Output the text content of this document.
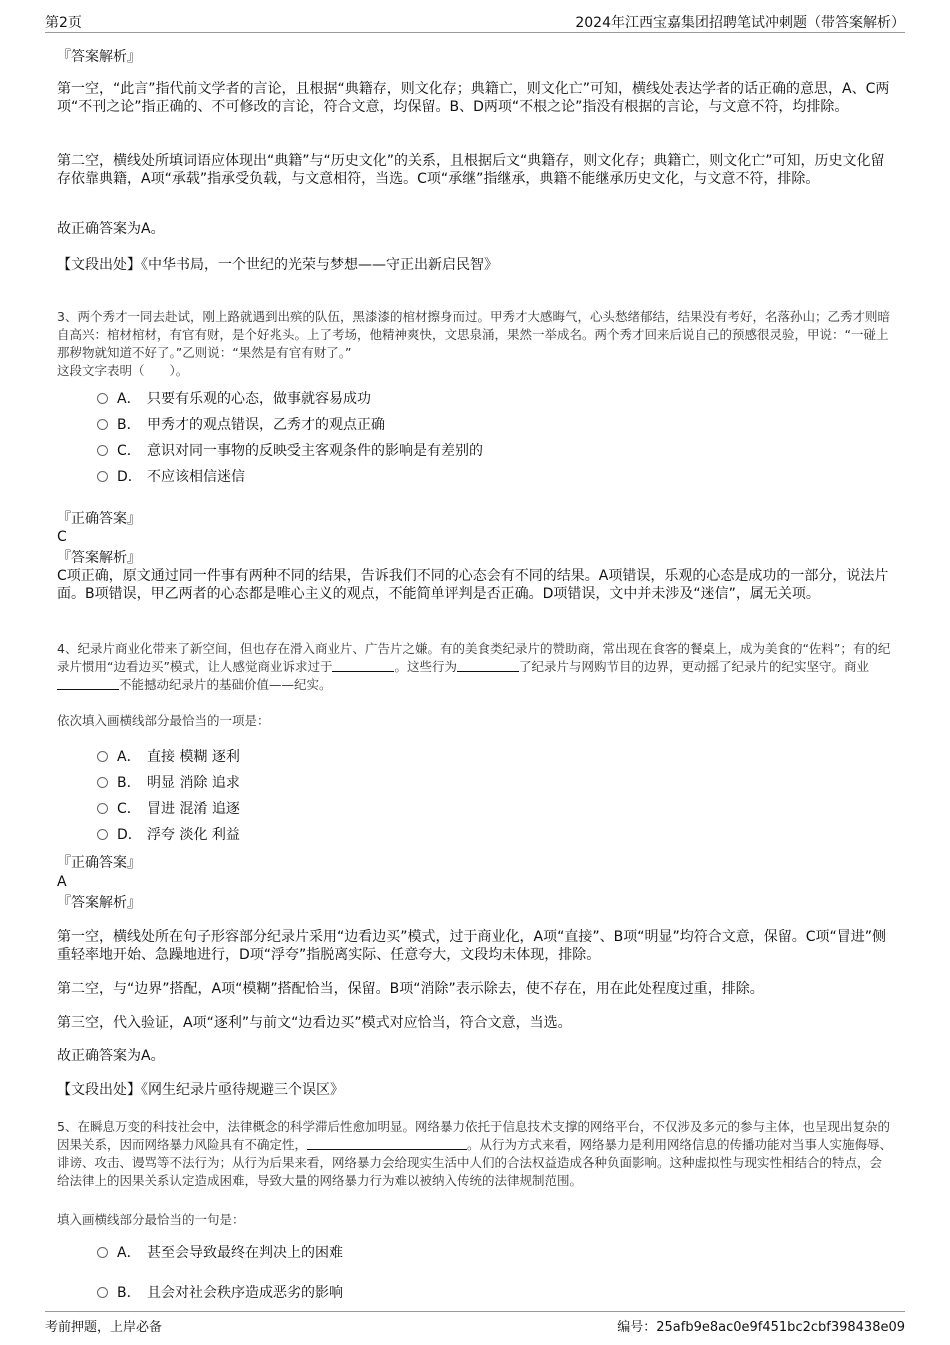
第2页	2024年江西宝嘉集团招聘笔试冲刺题（带答案解析）
『答案解析』
第一空，“此言”指代前文学者的言论，且根据“典籍存，则文化存；典籍亡，则文化亡”可知，横线处表达学者的话正确的意思，A、C两项“不刊之论”指正确的、不可修改的言论，符合文意，均保留。B、D两项“不根之论”指没有根据的言论，与文意不符，均排除。
第二空，横线处所填词语应体现出“典籍”与“历史文化”的关系，且根据后文“典籍存，则文化存；典籍亡，则文化亡”可知，历史文化留存依靠典籍，A项“承载”指承受负载，与文意相符，当选。C项“承继”指继承，典籍不能继承历史文化，与文意不符，排除。
故正确答案为A。
【文段出处】《中华书局，一个世纪的光荣与梦想——守正出新启民智》
3、两个秀才一同去赴试，刚上路就遇到出殡的队伍，黑漆漆的棺材擦身而过。甲秀才大感晦气，心头愁绪郁结，结果没有考好，名落孙山；乙秀才则暗自高兴：棺材棺材，有官有财，是个好兆头。上了考场，他精神爽快，文思泉涌，果然一举成名。两个秀才回来后说自己的预感很灵验，甲说：“一碰上那秽物就知道不好了。”乙则说：“果然是有官有财了。”
这段文字表明（　　）。
A． 只要有乐观的心态，做事就容易成功
B． 甲秀才的观点错误，乙秀才的观点正确
C． 意识对同一事物的反映受主客观条件的影响是有差别的
D． 不应该相信迷信
『正确答案』
C
『答案解析』
C项正确，原文通过同一件事有两种不同的结果，告诉我们不同的心态会有不同的结果。A项错误，乐观的心态是成功的一部分，说法片面。B项错误，甲乙两者的心态都是唯心主义的观点，不能简单评判是否正确。D项错误，文中并未涉及“迷信”，属无关项。
4、纪录片商业化带来了新空间，但也存在滑入商业片、广告片之嫌。有的美食类纪录片的赞助商，常出现在食客的餐桌上，成为美食的“佐料”；有的纪录片惯用“边看边买”模式，让人感觉商业诉求过于	。这些行为	了纪录片与网购节目的边界，更动摇了纪录片的纪实坚守。商业不能撼动纪录片的基础价值——纪实。
依次填入画横线部分最恰当的一项是：
A． 直接 模糊 逐利
B． 明显 消除 追求
C． 冒进 混淆 追逐
D． 浮夸 淡化 利益
『正确答案』
A
『答案解析』
第一空，横线处所在句子形容部分纪录片采用“边看边买”模式，过于商业化，A项“直接”、B项“明显”均符合文意，保留。C项“冒进”侧重轻率地开始、急躁地进行，D项“浮夸”指脱离实际、任意夸大，文段均未体现，排除。
第二空，与“边界”搭配，A项“模糊”搭配恰当，保留。B项“消除”表示除去，使不存在，用在此处程度过重，排除。
第三空，代入验证，A项“逐利”与前文“边看边买”模式对应恰当，符合文意，当选。
故正确答案为A。
【文段出处】《网生纪录片亟待规避三个误区》
5、在瞬息万变的科技社会中，法律概念的科学滞后性愈加明显。网络暴力依托于信息技术支撑的网络平台，不仅涉及多元的参与主体，也呈现出复杂的因果关系，因而网络暴力风险具有不确定性，	。从行为方式来看，网络暴力是利用网络信息的传播功能对当事人实施侮辱、诽谤、攻击、谩骂等不法行为；从行为后果来看，网络暴力会给现实生活中人们的合法权益造成各种负面影响。这种虚拟性与现实性相结合的特点，会给法律上的因果关系认定造成困难，导致大量的网络暴力行为难以被纳入传统的法律规制范围。
填入画横线部分最恰当的一句是：
A． 甚至会导致最终在判决上的困难
B． 且会对社会秩序造成恶劣的影响
考前押题，上岸必备	编号：25afb9e8ac0e9f451bc2cbf398438e09
